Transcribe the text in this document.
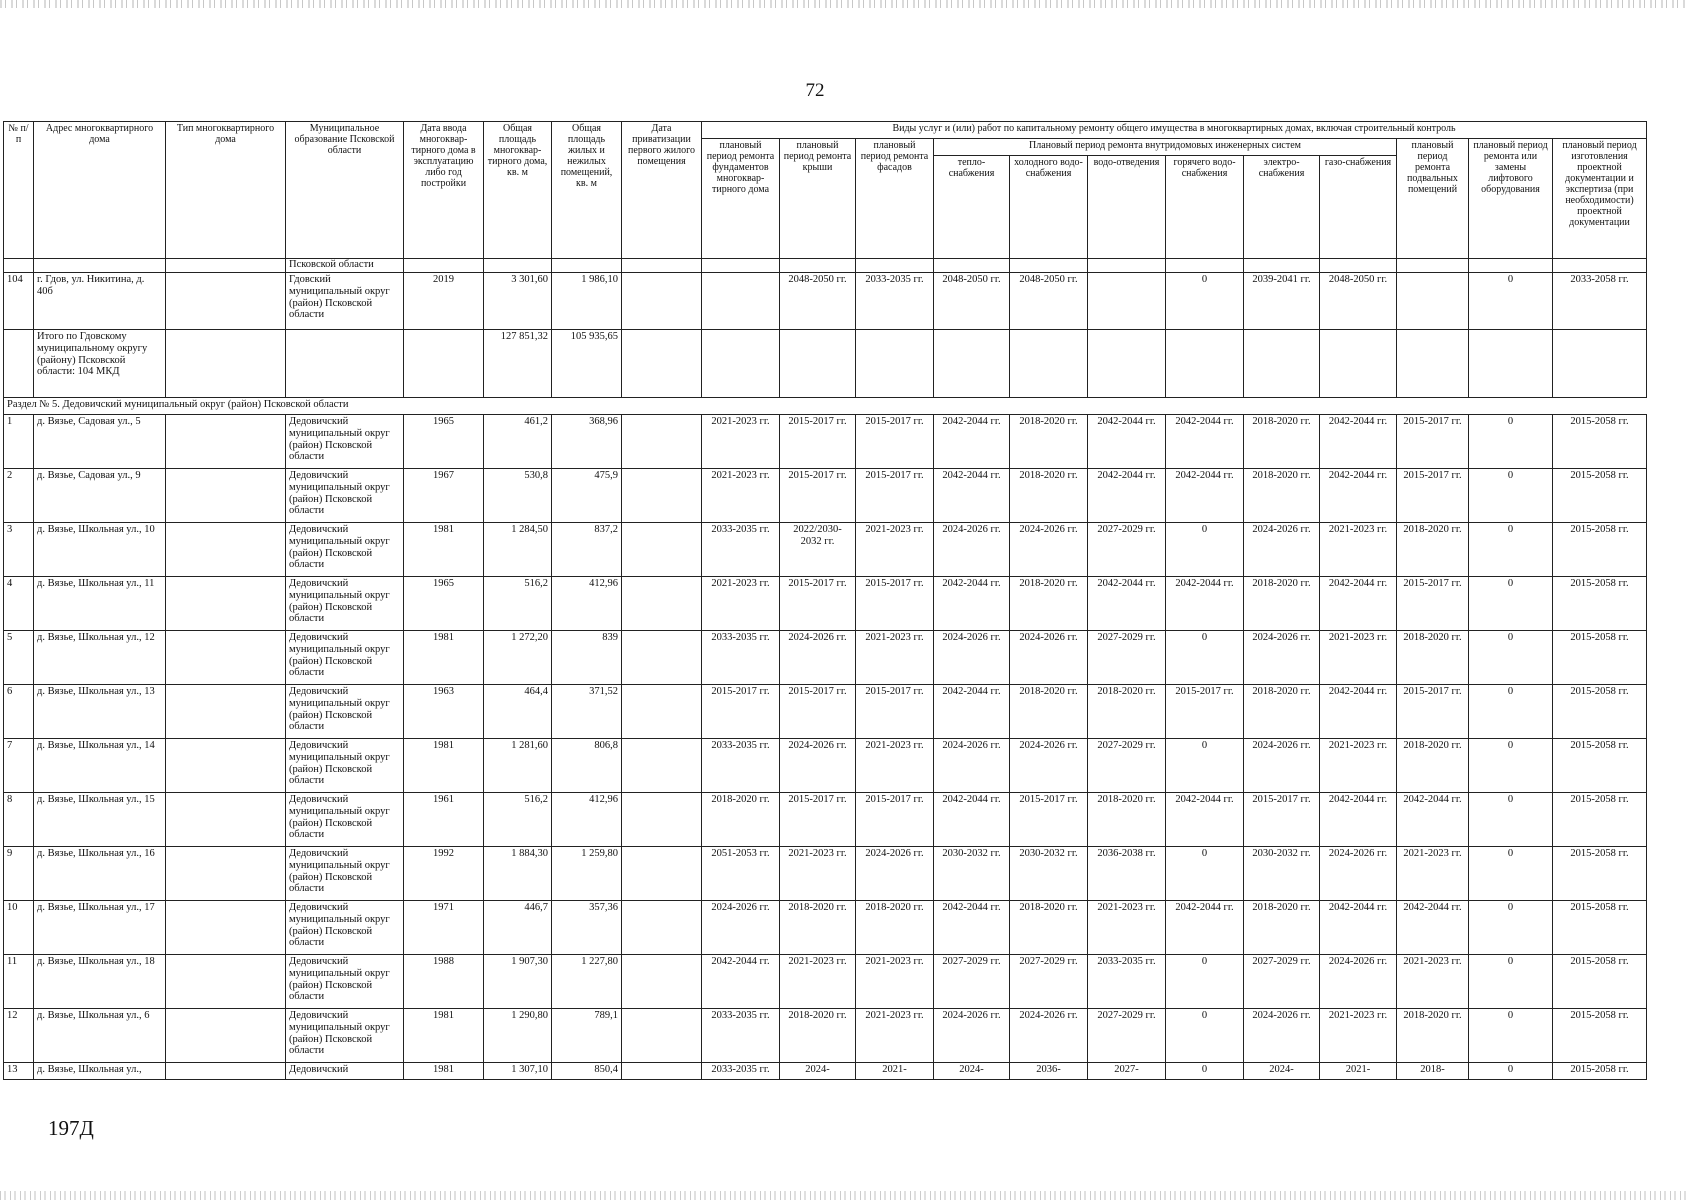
72
№ п/п	Адрес многоквартирного дома	Тип многоквартирного дома	Муниципальное образование Псковской области	Дата ввода многоквар-тирного дома в эксплуатацию либо год постройки	Общая площадь многоквар-тирного дома, кв. м	Общая площадь жилых и нежилых помещений, кв. м	Дата приватизации первого жилого помещения	Виды услуг и (или) работ по капитальному ремонту общего имущества в многоквартирных домах, включая строительный контроль											
								плановый период ремонта фундаментов многоквар-тирного дома	плановый период ремонта крыши	плановый период ремонта фасадов	Плановый период ремонта внутридомовых инженерных систем						плановый период ремонта подвальных помещений	плановый период ремонта или замены лифтового оборудования	плановый период изготовления проектной документации и экспертиза (при необходимости) проектной документации
											тепло-снабжения	холодного водо-снабжения	водо-отведения	горячего водо-снабжения	электро-снабжения	газо-снабжения			
			Псковской области																
104	г. Гдов, ул. Никитина, д. 40б		Гдовский муниципальный округ (район) Псковской области	2019	3 301,60	1 986,10			2048-2050 гг.	2033-2035 гг.	2048-2050 гг.	2048-2050 гг.		0	2039-2041 гг.	2048-2050 гг.		0	2033-2058 гг.
	Итого по Гдовскому муниципальному округу (району) Псковской области: 104 МКД				127 851,32	105 935,65													
Раздел № 5. Дедовичский муниципальный округ (район) Псковской области																			
1	д. Вязье, Садовая ул., 5		Дедовичский муниципальный округ (район) Псковской области	1965	461,2	368,96		2021-2023 гг.	2015-2017 гг.	2015-2017 гг.	2042-2044 гг.	2018-2020 гг.	2042-2044 гг.	2042-2044 гг.	2018-2020 гг.	2042-2044 гг.	2015-2017 гг.	0	2015-2058 гг.
2	д. Вязье, Садовая ул., 9		Дедовичский муниципальный округ (район) Псковской области	1967	530,8	475,9		2021-2023 гг.	2015-2017 гг.	2015-2017 гг.	2042-2044 гг.	2018-2020 гг.	2042-2044 гг.	2042-2044 гг.	2018-2020 гг.	2042-2044 гг.	2015-2017 гг.	0	2015-2058 гг.
3	д. Вязье, Школьная ул., 10		Дедовичский муниципальный округ (район) Псковской области	1981	1 284,50	837,2		2033-2035 гг.	2022/2030-2032 гг.	2021-2023 гг.	2024-2026 гг.	2024-2026 гг.	2027-2029 гг.	0	2024-2026 гг.	2021-2023 гг.	2018-2020 гг.	0	2015-2058 гг.
4	д. Вязье, Школьная ул., 11		Дедовичский муниципальный округ (район) Псковской области	1965	516,2	412,96		2021-2023 гг.	2015-2017 гг.	2015-2017 гг.	2042-2044 гг.	2018-2020 гг.	2042-2044 гг.	2042-2044 гг.	2018-2020 гг.	2042-2044 гг.	2015-2017 гг.	0	2015-2058 гг.
5	д. Вязье, Школьная ул., 12		Дедовичский муниципальный округ (район) Псковской области	1981	1 272,20	839		2033-2035 гг.	2024-2026 гг.	2021-2023 гг.	2024-2026 гг.	2024-2026 гг.	2027-2029 гг.	0	2024-2026 гг.	2021-2023 гг.	2018-2020 гг.	0	2015-2058 гг.
6	д. Вязье, Школьная ул., 13		Дедовичский муниципальный округ (район) Псковской области	1963	464,4	371,52		2015-2017 гг.	2015-2017 гг.	2015-2017 гг.	2042-2044 гг.	2018-2020 гг.	2018-2020 гг.	2015-2017 гг.	2018-2020 гг.	2042-2044 гг.	2015-2017 гг.	0	2015-2058 гг.
7	д. Вязье, Школьная ул., 14		Дедовичский муниципальный округ (район) Псковской области	1981	1 281,60	806,8		2033-2035 гг.	2024-2026 гг.	2021-2023 гг.	2024-2026 гг.	2024-2026 гг.	2027-2029 гг.	0	2024-2026 гг.	2021-2023 гг.	2018-2020 гг.	0	2015-2058 гг.
8	д. Вязье, Школьная ул., 15		Дедовичский муниципальный округ (район) Псковской области	1961	516,2	412,96		2018-2020 гг.	2015-2017 гг.	2015-2017 гг.	2042-2044 гг.	2015-2017 гг.	2018-2020 гг.	2042-2044 гг.	2015-2017 гг.	2042-2044 гг.	2042-2044 гг.	0	2015-2058 гг.
9	д. Вязье, Школьная ул., 16		Дедовичский муниципальный округ (район) Псковской области	1992	1 884,30	1 259,80		2051-2053 гг.	2021-2023 гг.	2024-2026 гг.	2030-2032 гг.	2030-2032 гг.	2036-2038 гг.	0	2030-2032 гг.	2024-2026 гг.	2021-2023 гг.	0	2015-2058 гг.
10	д. Вязье, Школьная ул., 17		Дедовичский муниципальный округ (район) Псковской области	1971	446,7	357,36		2024-2026 гг.	2018-2020 гг.	2018-2020 гг.	2042-2044 гг.	2018-2020 гг.	2021-2023 гг.	2042-2044 гг.	2018-2020 гг.	2042-2044 гг.	2042-2044 гг.	0	2015-2058 гг.
11	д. Вязье, Школьная ул., 18		Дедовичский муниципальный округ (район) Псковской области	1988	1 907,30	1 227,80		2042-2044 гг.	2021-2023 гг.	2021-2023 гг.	2027-2029 гг.	2027-2029 гг.	2033-2035 гг.	0	2027-2029 гг.	2024-2026 гг.	2021-2023 гг.	0	2015-2058 гг.
12	д. Вязье, Школьная ул., 6		Дедовичский муниципальный округ (район) Псковской области	1981	1 290,80	789,1		2033-2035 гг.	2018-2020 гг.	2021-2023 гг.	2024-2026 гг.	2024-2026 гг.	2027-2029 гг.	0	2024-2026 гг.	2021-2023 гг.	2018-2020 гг.	0	2015-2058 гг.
13	д. Вязье, Школьная ул.,		Дедовичский	1981	1 307,10	850,4		2033-2035 гг.	2024-	2021-	2024-	2036-	2027-	0	2024-	2021-	2018-	0	2015-2058 гг.
197Д
